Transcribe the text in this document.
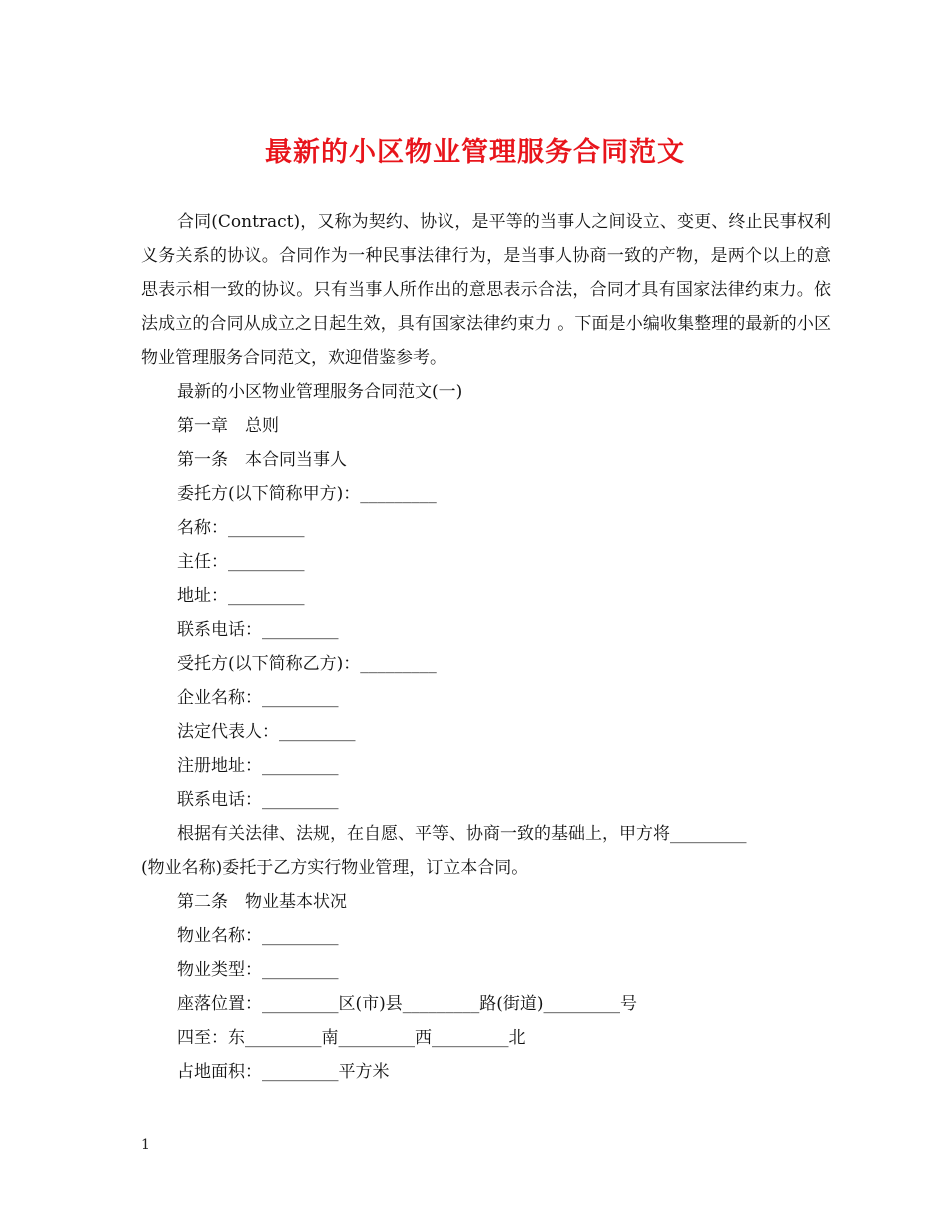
最新的小区物业管理服务合同范文

合同(Contract)，又称为契约、协议，是平等的当事人之间设立、变更、终止民事权利义务关系的协议。合同作为一种民事法律行为，是当事人协商一致的产物，是两个以上的意思表示相一致的协议。只有当事人所作出的意思表示合法，合同才具有国家法律约束力。依法成立的合同从成立之日起生效，具有国家法律约束力 。下面是小编收集整理的最新的小区物业管理服务合同范文，欢迎借鉴参考。

最新的小区物业管理服务合同范文(一)

第一章　总则

第一条　本合同当事人

委托方(以下简称甲方)：_________

名称：_________

主任：_________

地址：_________

联系电话：_________

受托方(以下简称乙方)：_________

企业名称：_________

法定代表人：_________

注册地址：_________

联系电话：_________

根据有关法律、法规，在自愿、平等、协商一致的基础上，甲方将_________

(物业名称)委托于乙方实行物业管理，订立本合同。

第二条　物业基本状况

物业名称：_________

物业类型：_________

座落位置：_________区(市)县_________路(街道)_________号

四至：东_________南_________西_________北

占地面积：_________平方米

1
